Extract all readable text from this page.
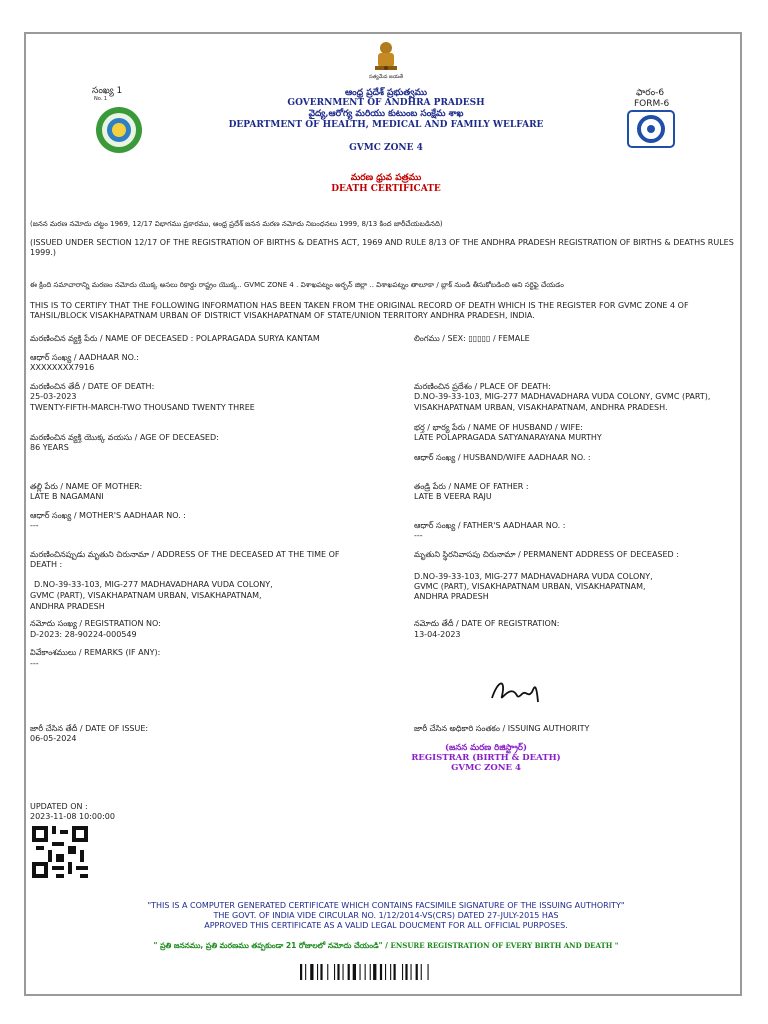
సత్యమేవ జయతే
సంఖ్య 1
No. 1
ఆంధ్ర ప్రదేశ్ ప్రభుత్వము
GOVERNMENT OF ANDHRA PRADESH
వైద్య,ఆరోగ్య మరియు కుటుంబ సంక్షేమ శాఖ
DEPARTMENT OF HEALTH, MEDICAL AND FAMILY WELFARE
ఫారం-6
FORM-6
GVMC ZONE 4
మరణ ధ్రువ పత్రము
DEATH CERTIFICATE
(జనన మరణ నమోదు చట్టం 1969, 12/17 విభాగము ప్రకారము, ఆంధ్ర ప్రదేశ్ జనన మరణ నమోదు నిబంధనలు 1999, 8/13 కింద జారీచేయబడినది)
(ISSUED UNDER SECTION 12/17 OF THE REGISTRATION OF BIRTHS & DEATHS ACT, 1969 AND RULE 8/13 OF THE ANDHRA PRADESH REGISTRATION OF BIRTHS & DEATHS RULES 1999.)
ఈ క్రింది సమాచారాన్ని మరణం నమోదు యొక్క అసలు రికార్డు రాష్ట్రం యొక్క.. GVMC ZONE 4 . విశాఖపట్నం అర్బన్ జిల్లా .. విశాఖపట్నం తాలూకా / బ్లాక్ నుండి తీసుకోబడింది అని సర్టిఫై చేయడం
THIS IS TO CERTIFY THAT THE FOLLOWING INFORMATION HAS BEEN TAKEN FROM THE ORIGINAL RECORD OF DEATH WHICH IS THE REGISTER FOR GVMC ZONE 4 OF TAHSIL/BLOCK VISAKHAPATNAM URBAN OF DISTRICT VISAKHAPATNAM OF STATE/UNION TERRITORY ANDHRA PRADESH, INDIA.
మరణించిన వ్యక్తి పేరు / NAME OF DECEASED : POLAPRAGADA SURYA KANTAM	లింగము / SEX: ▯▯▯▯▯ / FEMALE
ఆధార్ సంఖ్య / AADHAAR NO.:
XXXXXXXX7916
మరణించిన తేదీ / DATE OF DEATH:
25-03-2023
TWENTY-FIFTH-MARCH-TWO THOUSAND TWENTY THREE
మరణించిన ప్రదేశం / PLACE OF DEATH:
D.NO-39-33-103, MIG-277 MADHAVADHARA VUDA COLONY, GVMC (PART),
VISAKHAPATNAM URBAN, VISAKHAPATNAM, ANDHRA PRADESH.
మరణించిన వ్యక్తి యొక్క వయసు / AGE OF DECEASED:
86 YEARS
భర్త / భార్య పేరు / NAME OF HUSBAND / WIFE:
LATE POLAPRAGADA SATYANARAYANA MURTHY
ఆధార్ సంఖ్య / HUSBAND/WIFE AADHAAR NO. :
తల్లి పేరు / NAME OF MOTHER:
LATE B NAGAMANI
తండ్రి పేరు / NAME OF FATHER :
LATE B VEERA RAJU
ఆధార్ సంఖ్య / MOTHER'S AADHAAR NO. :
---	ఆధార్ సంఖ్య / FATHER'S AADHAAR NO. :
---
మరణించినప్పుడు మృతుని చిరునామా / ADDRESS OF THE DECEASED AT THE TIME OF
DEATH :
D.NO-39-33-103, MIG-277 MADHAVADHARA VUDA COLONY,
GVMC (PART), VISAKHAPATNAM URBAN, VISAKHAPATNAM,
ANDHRA PRADESH
మృతుని స్థిరనివాసపు చిరునామా / PERMANENT ADDRESS OF DECEASED :
D.NO-39-33-103, MIG-277 MADHAVADHARA VUDA COLONY,
GVMC (PART), VISAKHAPATNAM URBAN, VISAKHAPATNAM,
ANDHRA PRADESH
నమోదు సంఖ్య / REGISTRATION NO:
D-2023: 28-90224-000549
నమోదు తేదీ / DATE OF REGISTRATION:
13-04-2023
వివేకాంశములు / REMARKS (IF ANY):
---
జారీ చేసిన తేదీ / DATE OF ISSUE:
06-05-2024
జారీ చేసిన అధికారి సంతకం / ISSUING AUTHORITY
(జనన మరణ రిజిస్ట్రార్)
REGISTRAR (BIRTH & DEATH)
GVMC ZONE 4
UPDATED ON :
2023-11-08 10:00:00
"THIS IS A COMPUTER GENERATED CERTIFICATE WHICH CONTAINS FACSIMILE SIGNATURE OF THE ISSUING AUTHORITY"
THE GOVT. OF INDIA VIDE CIRCULAR NO. 1/12/2014-VS(CRS) DATED 27-JULY-2015 HAS
APPROVED THIS CERTIFICATE AS A VALID LEGAL DOUCMENT FOR ALL OFFICIAL PURPOSES.
" ప్రతి జననము, ప్రతి మరణము తప్పకుండా 21 రోజులలో నమోదు చేయండి" / ENSURE REGISTRATION OF EVERY BIRTH AND DEATH "
